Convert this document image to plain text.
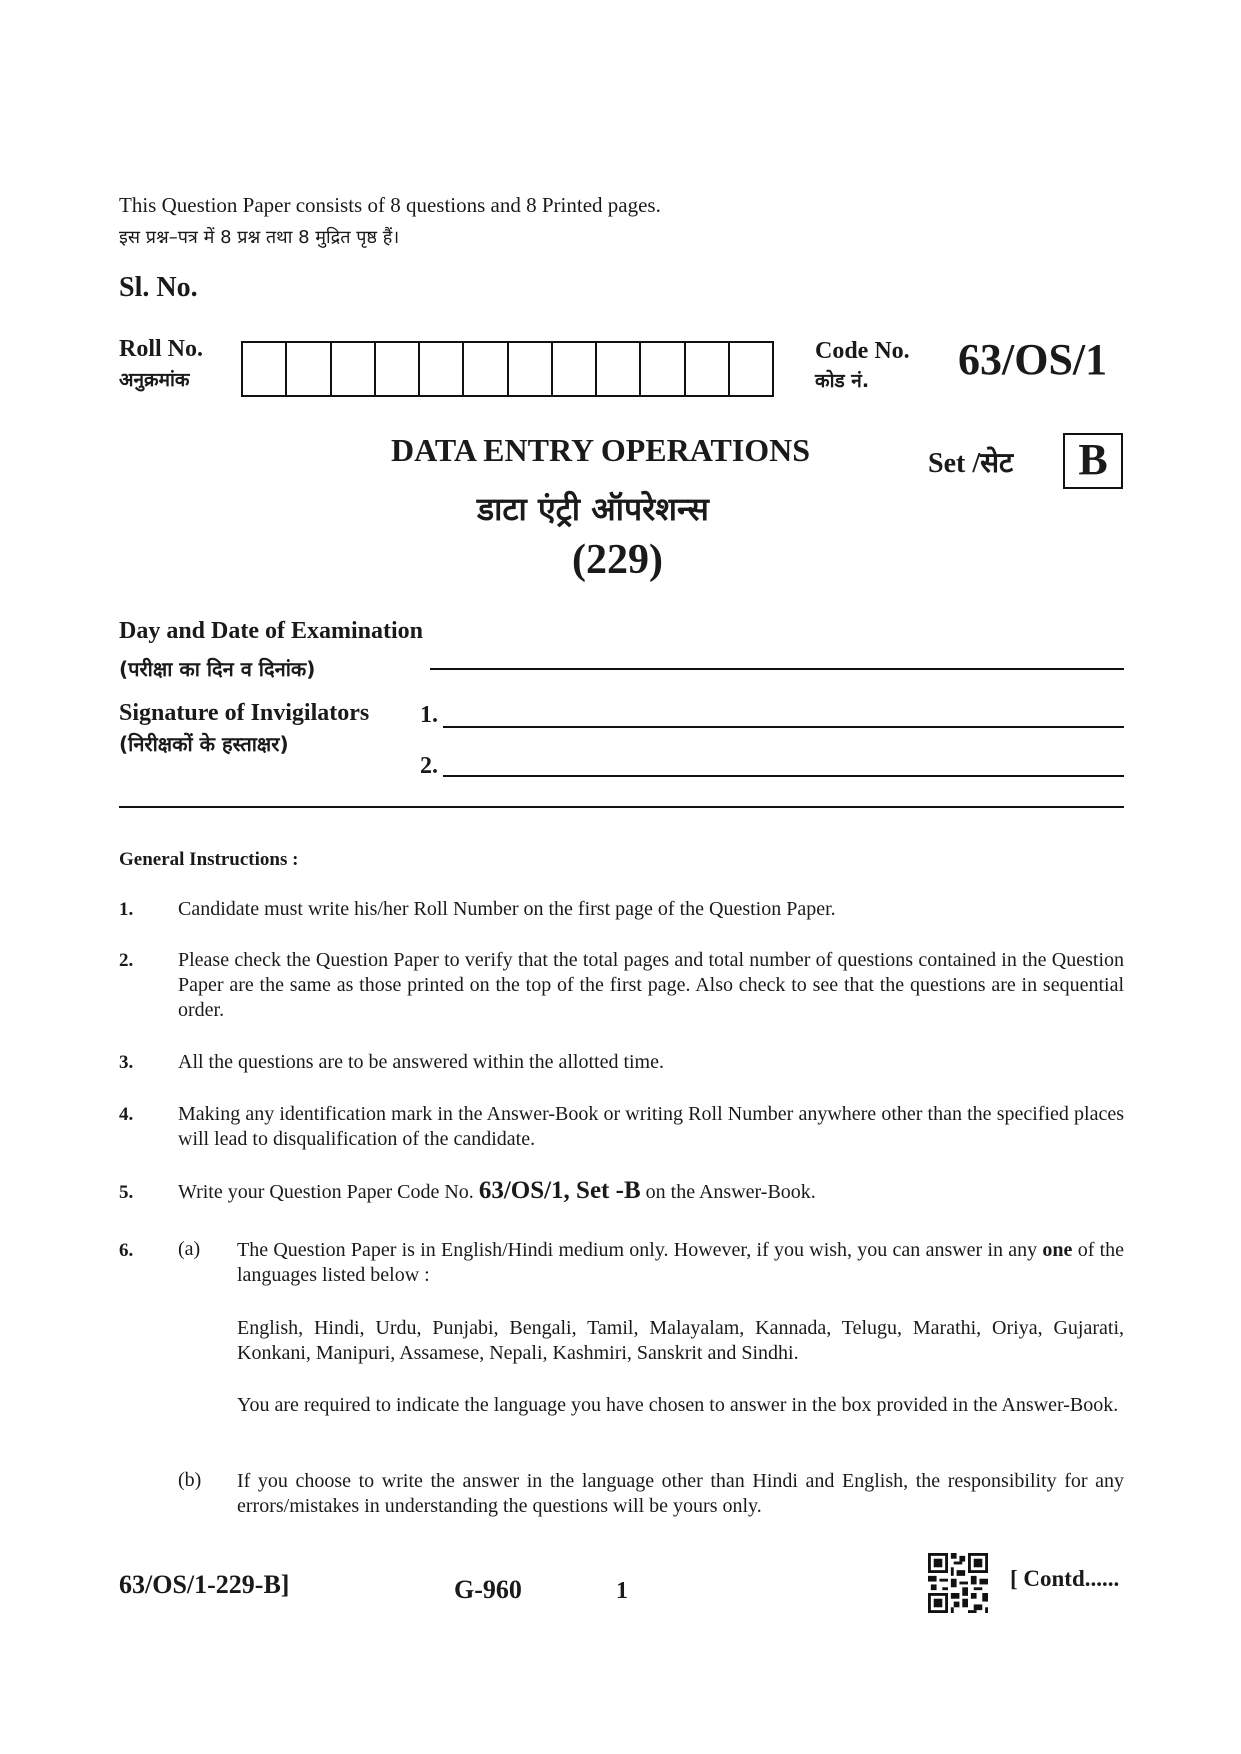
This Question Paper consists of 8 questions and 8 Printed pages.
इस प्रश्न–पत्र में 8 प्रश्न तथा 8 मुद्रित पृष्ठ हैं।
Sl. No.
Roll No.
अनुक्रमांक
Code No.
कोड नं. 63/OS/1
DATA ENTRY OPERATIONS	Set /सेट	B
डाटा एंट्री ऑपरेशन्स
(229)
Day and Date of Examination
(परीक्षा का दिन व दिनांक)
Signature of Invigilators
(निरीक्षकों के हस्ताक्षर)
1.
2.
General Instructions :
1. Candidate must write his/her Roll Number on the first page of the Question Paper.
2. Please check the Question Paper to verify that the total pages and total number of questions contained in the Question Paper are the same as those printed on the top of the first page. Also check to see that the questions are in sequential order.
3. All the questions are to be answered within the allotted time.
4. Making any identification mark in the Answer-Book or writing Roll Number anywhere other than the specified places will lead to disqualification of the candidate.
5. Write your Question Paper Code No. 63/OS/1, Set -B on the Answer-Book.
6. (a) The Question Paper is in English/Hindi medium only. However, if you wish, you can answer in any one of the languages listed below :
English, Hindi, Urdu, Punjabi, Bengali, Tamil, Malayalam, Kannada, Telugu, Marathi, Oriya, Gujarati, Konkani, Manipuri, Assamese, Nepali, Kashmiri, Sanskrit and Sindhi.
You are required to indicate the language you have chosen to answer in the box provided in the Answer-Book.
(b) If you choose to write the answer in the language other than Hindi and English, the responsibility for any errors/mistakes in understanding the questions will be yours only.
63/OS/1-229-B]	G-960	1	[ Contd......
